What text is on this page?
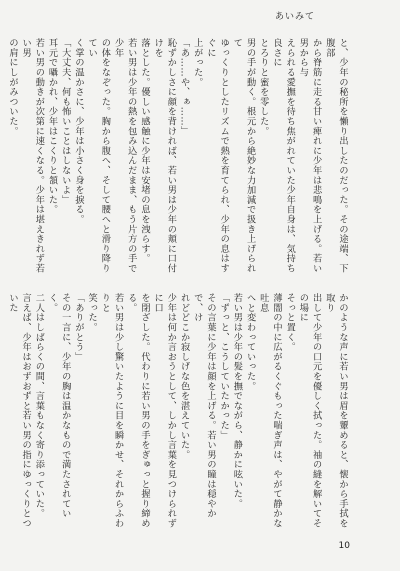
あいみて

と、少年の秘所を懶り出したのだった。その途端、下腹部

から脊筋に走る甘い痺れに少年は悲鳴を上げる。若い男から与

えられる愛撫を待ち焦がれていた少年自身は、気持ち良さに

とろりと蜜を零した。

男の手が動く。根元から絶妙な力加減で扱き上げられて

ゆっくりとしたリズムで熱を育てられ、少年の息はすぐに

上がった。

「あ……や、ぁ……」

恥ずかしさに顔を背ければ、若い男は少年の頬に口付けを

落とした。優しい感触に少年は安堵の息を洩らす。

若い男は少年の熱を包み込んだまま、もう片方の手で少年

の体をなぞった。胸から腹へ、そして腰へと滑り降りてい

く掌の温かさに、少年は小さく身を捩る。

「大丈夫、何も怖いことはしないよ」

耳元で囁かれ、少年はこくりと頷いた。

若い男の動きが次第に速くなる。少年は堪えきれず若い男

の肩にしがみついた。

かのような声に若い男は眉を顰めると、懐から手拭を取り

出して少年の口元を優しく拭った。袖の縫を解いてその場に

そっと置く。

薄闇の中に広がるくぐもった喘ぎ声は、やがて静かな吐息

へと変わっていった。

若い男は少年の髪を撫でながら、静かに呟いた。

「ずっと、こうしていたかった」

その言葉に少年は顔を上げる。若い男の瞳は穏やかで、け

れどどこか寂しげな色を湛えていた。

少年は何か言おうとして、しかし言葉を見つけられずに口

を閉ざした。代わりに若い男の手をぎゅっと握り締める。

若い男は少し驚いたように目を瞬かせ、それからふわりと

笑った。

「ありがとう」

その一言に、少年の胸は温かなもので満たされていく。

二人はしばらくの間、言葉もなく寄り添っていた。

言えば、少年はおずおずと若い男の指にゆっくりとついた

10
